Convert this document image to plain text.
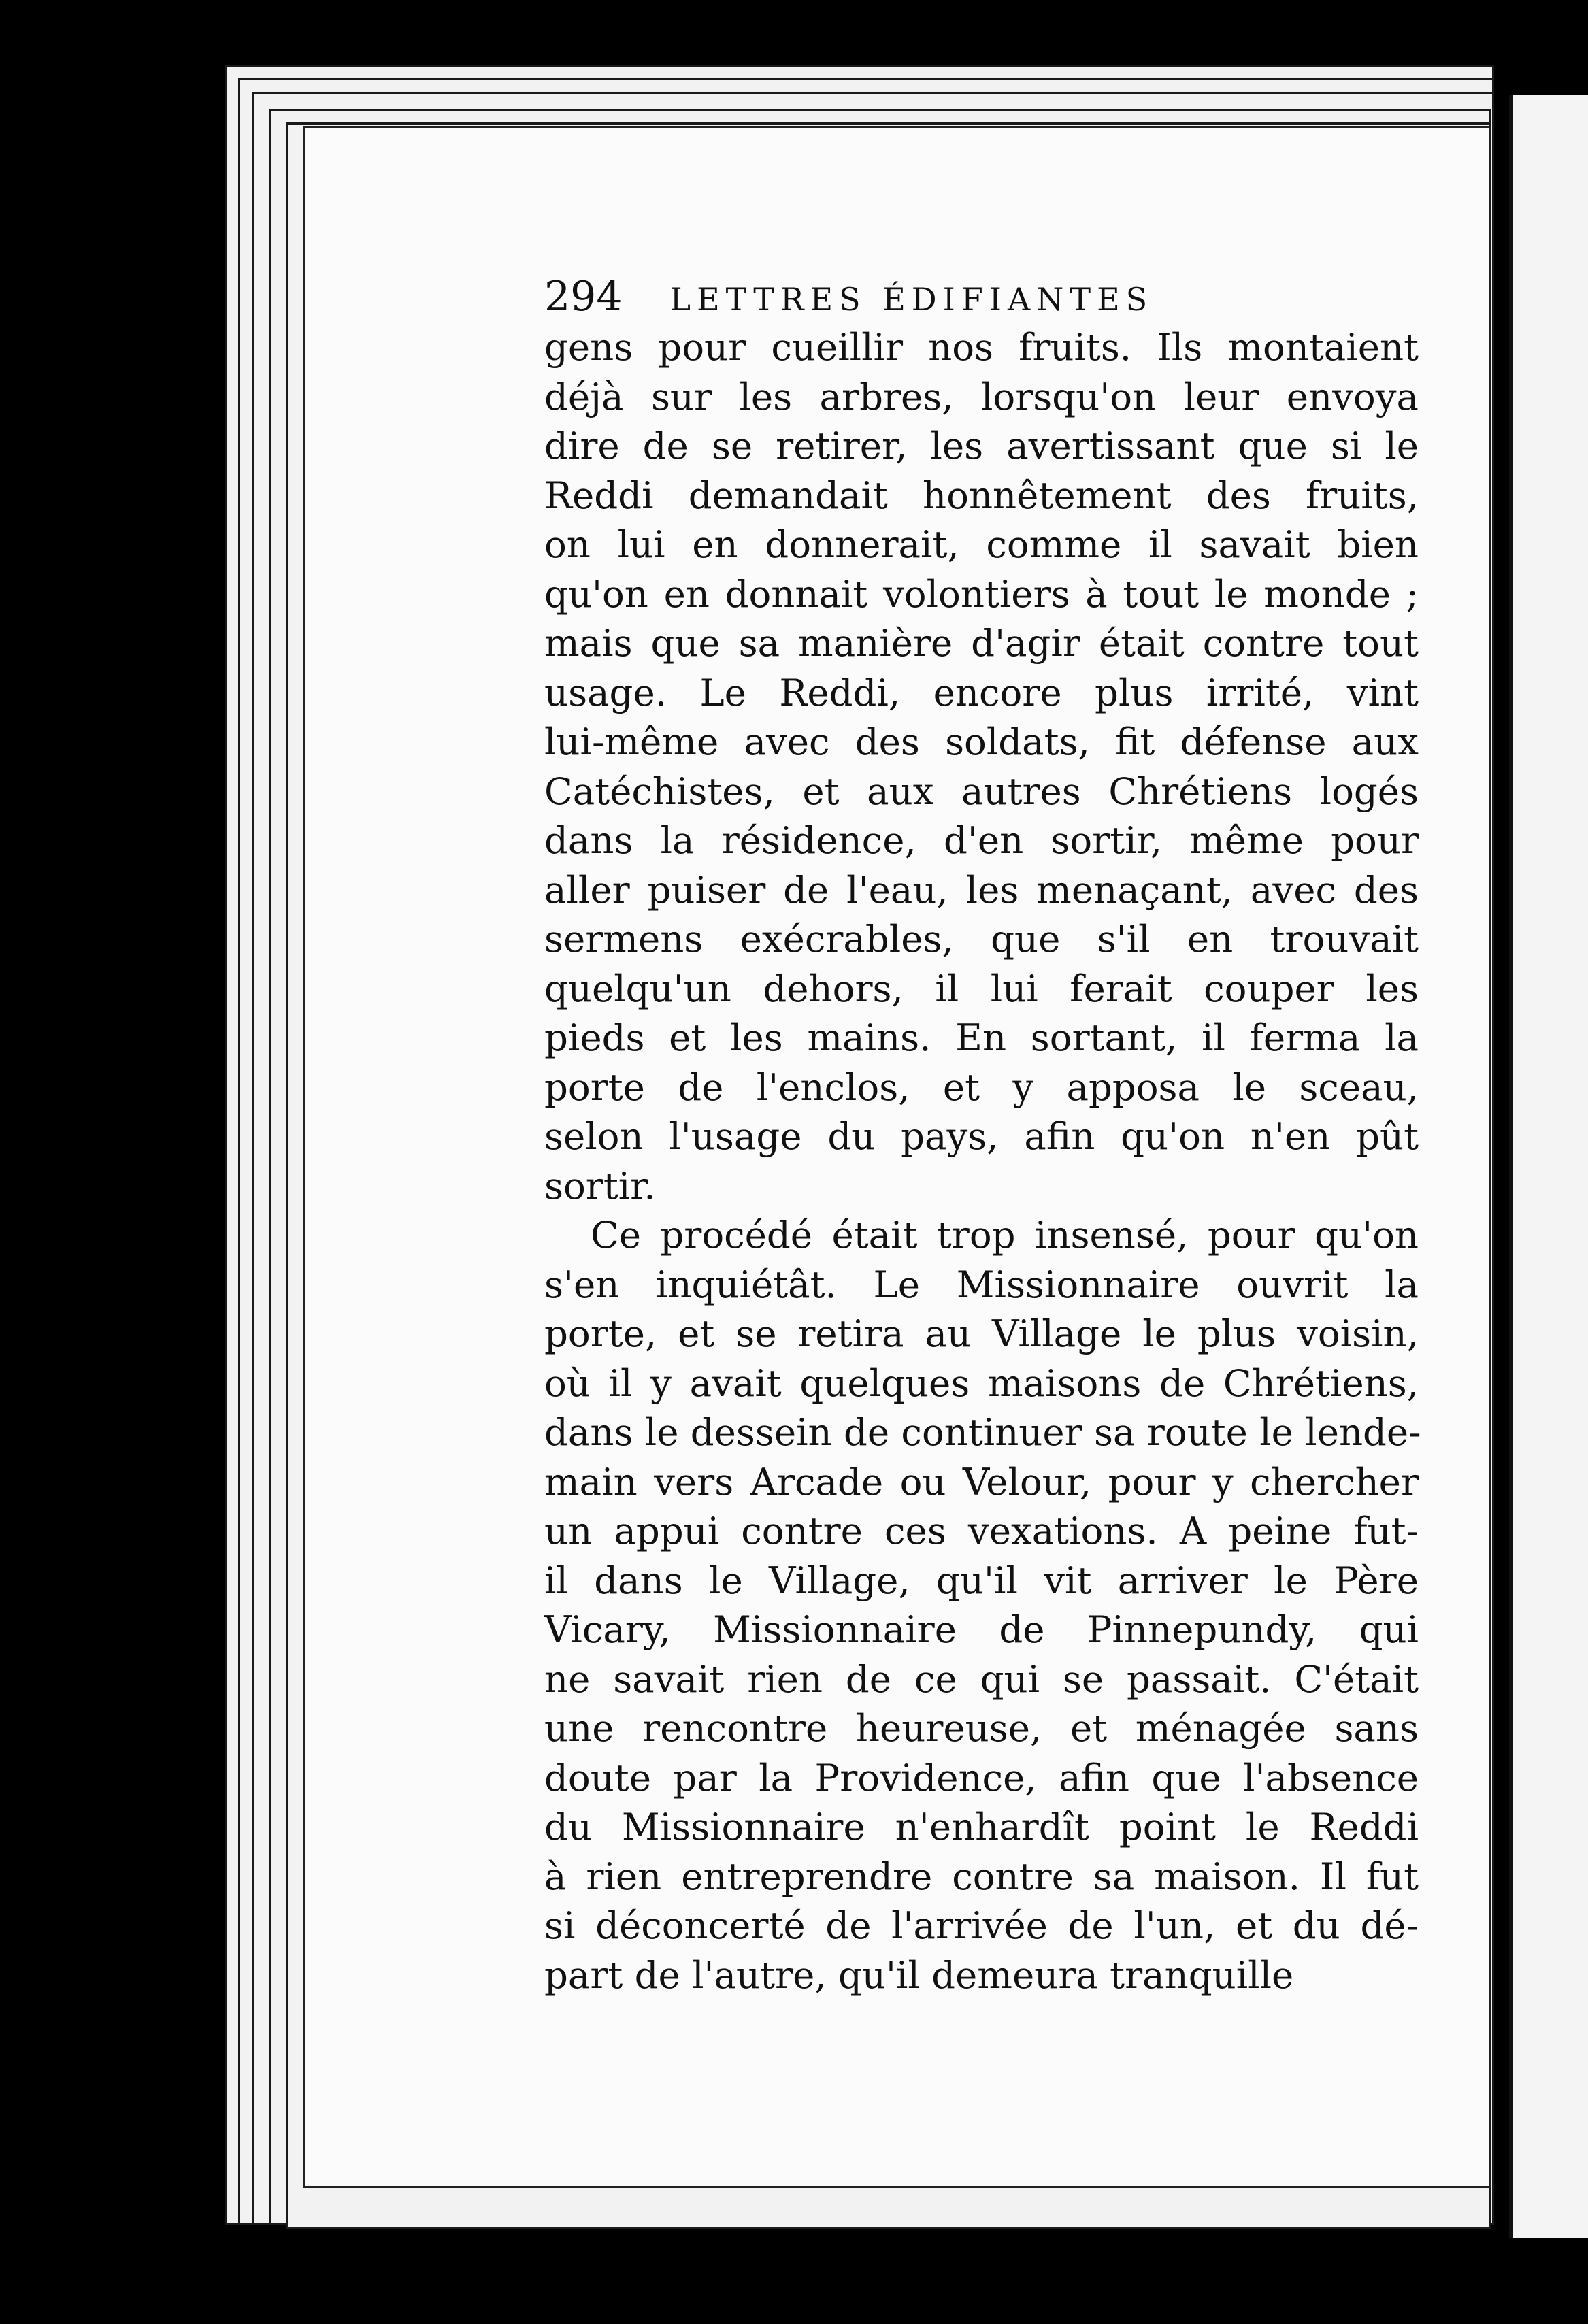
294 LETTRES ÉDIFIANTES
gens pour cueillir nos fruits. Ils montaient
déjà sur les arbres, lorsqu'on leur envoya
dire de se retirer, les avertissant que si le
Reddi demandait honnêtement des fruits,
on lui en donnerait, comme il savait bien
qu'on en donnait volontiers à tout le monde ;
mais que sa manière d'agir était contre tout
usage. Le Reddi, encore plus irrité, vint
lui-même avec des soldats, fit défense aux
Catéchistes, et aux autres Chrétiens logés
dans la résidence, d'en sortir, même pour
aller puiser de l'eau, les menaçant, avec des
sermens exécrables, que s'il en trouvait
quelqu'un dehors, il lui ferait couper les
pieds et les mains. En sortant, il ferma la
porte de l'enclos, et y apposa le sceau,
selon l'usage du pays, afin qu'on n'en pût
sortir.
Ce procédé était trop insensé, pour qu'on
s'en inquiétât. Le Missionnaire ouvrit la
porte, et se retira au Village le plus voisin,
où il y avait quelques maisons de Chrétiens,
dans le dessein de continuer sa route le lende-
main vers Arcade ou Velour, pour y chercher
un appui contre ces vexations. A peine fut-
il dans le Village, qu'il vit arriver le Père
Vicary, Missionnaire de Pinnepundy, qui
ne savait rien de ce qui se passait. C'était
une rencontre heureuse, et ménagée sans
doute par la Providence, afin que l'absence
du Missionnaire n'enhardît point le Reddi
à rien entreprendre contre sa maison. Il fut
si déconcerté de l'arrivée de l'un, et du dé-
part de l'autre, qu'il demeura tranquille
